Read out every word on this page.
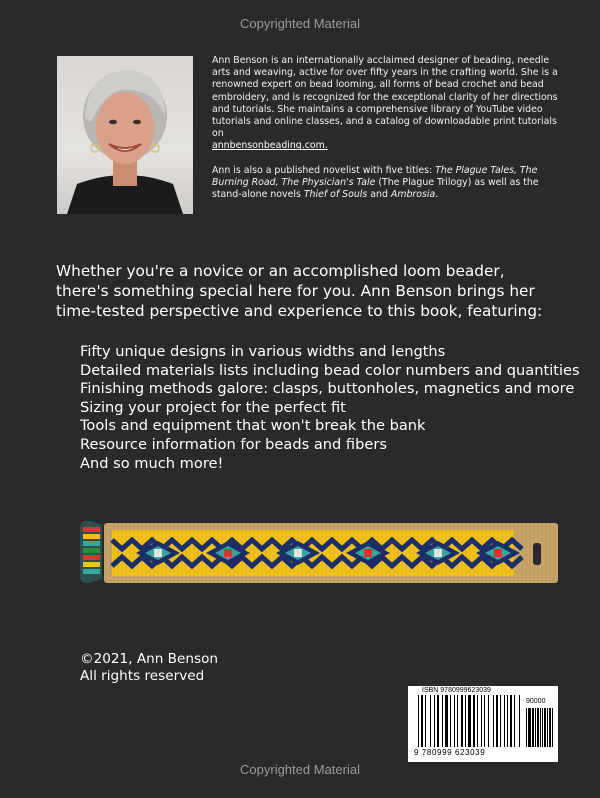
Copyrighted Material

Ann Benson is an internationally acclaimed designer of beading, needle arts and weaving, active for over fifty years in the crafting world. She is a renowned expert on bead looming, all forms of bead crochet and bead embroidery, and is recognized for the exceptional clarity of her directions and tutorials. She maintains a comprehensive library of YouTube video tutorials and online classes, and a catalog of downloadable print tutorials on
annbensonbeading.com.

Ann is also a published novelist with five titles: The Plague Tales, The Burning Road, The Physician's Tale (The Plague Trilogy) as well as the stand-alone novels Thief of Souls and Ambrosia.

Whether you're a novice or an accomplished loom beader, there's something special here for you. Ann Benson brings her time-tested perspective and experience to this book, featuring:
Fifty unique designs in various widths and lengths
Detailed materials lists including bead color numbers and quantities
Finishing methods galore: clasps, buttonholes, magnetics and more
Sizing your project for the perfect fit
Tools and equipment that won't break the bank
Resource information for beads and fibers
And so much more!
©2021, Ann Benson
All rights reserved
ISBN 9780999623039
90000
9 780999 623039
Copyrighted Material
